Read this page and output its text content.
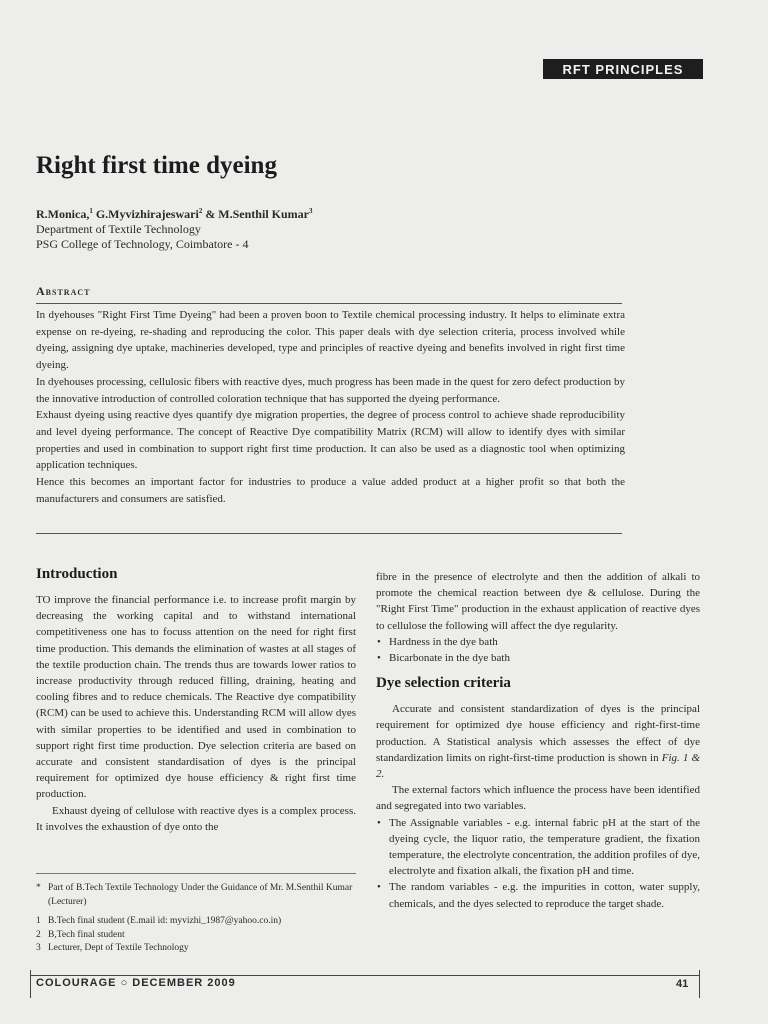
RFT PRINCIPLES
Right first time dyeing
R.Monica,$^1$ G.Myvizhirajeswari$^2$ & M.Senthil Kumar$^3$
Department of Textile Technology
PSG College of Technology, Coimbatore - 4
Abstract

In dyehouses "Right First Time Dyeing" had been a proven boon to Textile chemical processing industry. It helps to eliminate extra expense on re-dyeing, re-shading and reproducing the color. This paper deals with dye selection criteria, process involved while dyeing, assigning dye uptake, machineries developed, type and principles of reactive dyeing and benefits involved in right first time dyeing.

In dyehouses processing, cellulosic fibers with reactive dyes, much progress has been made in the quest for zero defect production by the innovative introduction of controlled coloration technique that has supported the dyeing performance.

Exhaust dyeing using reactive dyes quantify dye migration properties, the degree of process control to achieve shade reproducibility and level dyeing performance. The concept of Reactive Dye compatibility Matrix (RCM) will allow to identify dyes with similar properties and used in combination to support right first time production. It can also be used as a diagnostic tool when optimizing application techniques.

Hence this becomes an important factor for industries to produce a value added product at a higher profit so that both the manufacturers and consumers are satisfied.

Introduction

TO improve the financial performance i.e. to increase profit margin by decreasing the working capital and to withstand international competitiveness one has to focuss attention on the need for right first time production. This demands the elimination of wastes at all stages of the textile production chain. The trends thus are towards lower ratios to increase productivity through reduced filling, draining, heating and cooling fibres and to reduce chemicals. The Reactive dye compatibility (RCM) can be used to achieve this. Understanding RCM will allow dyes with similar properties to be identified and used in combination to support right first time production. Dye selection criteria are based on accurate and consistent standardisation of dyes is the principal requirement for optimized dye house efficiency & right first time production.

Exhaust dyeing of cellulose with reactive dyes is a complex process. It involves the exhaustion of dye onto the

* Part of B.Tech Textile Technology Under the Guidance of Mr. M.Senthil Kumar (Lecturer)
1 B.Tech final student (E.mail id: myvizhi_1987@yahoo.co.in)
2 B,Tech final student
3 Lecturer, Dept of Textile Technology

fibre in the presence of electrolyte and then the addition of alkali to promote the chemical reaction between dye & cellulose. During the "Right First Time" production in the exhaust application of reactive dyes to cellulose the following will affect the dye regularity.

• Hardness in the dye bath
• Bicarbonate in the dye bath
Dye selection criteria

Accurate and consistent standardization of dyes is the principal requirement for optimized dye house efficiency and right-first-time production. A Statistical analysis which assesses the effect of dye standardization limits on right-first-time production is shown in Fig. 1 & 2.

The external factors which influence the process have been identified and segregated into two variables.

• The Assignable variables - e.g. internal fabric pH at the start of the dyeing cycle, the liquor ratio, the temperature gradient, the fixation temperature, the electrolyte concentration, the addition profiles of dye, electrolyte and fixation alkali, the fixation pH and time.
• The random variables - e.g. the impurities in cotton, water supply, chemicals, and the dyes selected to reproduce the target shade.
COLOURAGE ○ DECEMBER 2009	41
